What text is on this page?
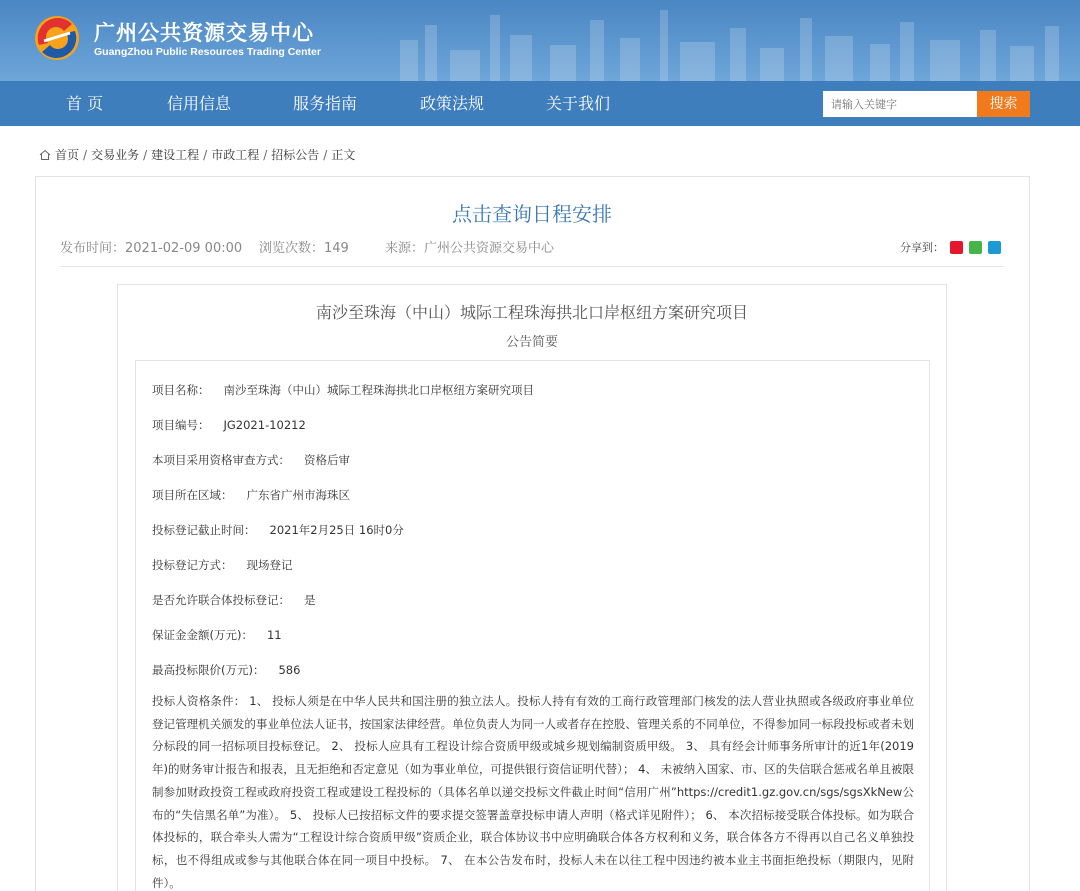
广州公共资源交易中心
GuangZhou Public Resources Trading Center
首 页	信用信息	服务指南	政策法规	关于我们
请输入关键字	搜索
首页 / 交易业务 / 建设工程 / 市政工程 / 招标公告 / 正文
点击查询日程安排
发布时间：2021-02-09 00:00 浏览次数：149	来源：广州公共资源交易中心	分享到：
南沙至珠海（中山）城际工程珠海拱北口岸枢纽方案研究项目
公告简要
项目名称： 南沙至珠海（中山）城际工程珠海拱北口岸枢纽方案研究项目
项目编号： JG2021-10212
本项目采用资格审查方式： 资格后审
项目所在区域： 广东省广州市海珠区
投标登记截止时间： 2021年2月25日 16时0分
投标登记方式： 现场登记
是否允许联合体投标登记： 是
保证金金额(万元)： 11
最高投标限价(万元)： 586
投标人资格条件： 1、 投标人须是在中华人民共和国注册的独立法人。投标人持有有效的工商行政管理部门核发的法人营业执照或各级政府事业单位登记管理机关颁发的事业单位法人证书，按国家法律经营。单位负责人为同一人或者存在控股、管理关系的不同单位，不得参加同一标段投标或者未划分标段的同一招标项目投标登记。 2、 投标人应具有工程设计综合资质甲级或城乡规划编制资质甲级。 3、 具有经会计师事务所审计的近1年(2019年)的财务审计报告和报表，且无拒绝和否定意见（如为事业单位，可提供银行资信证明代替）； 4、 未被纳入国家、市、区的失信联合惩戒名单且被限制参加财政投资工程或政府投资工程或建设工程投标的（具体名单以递交投标文件截止时间“信用广州”https://credit1.gz.gov.cn/sgs/sgsXkNew公布的“失信黑名单”为准）。 5、 投标人已按招标文件的要求提交签署盖章投标申请人声明（格式详见附件）； 6、 本次招标接受联合体投标。如为联合体投标的，联合牵头人需为“工程设计综合资质甲级”资质企业，联合体协议书中应明确联合体各方权利和义务，联合体各方不得再以自己名义单独投标，也不得组成或参与其他联合体在同一项目中投标。 7、 在本公告发布时，投标人未在以往工程中因违约被本业主书面拒绝投标（期限内，见附件）。
